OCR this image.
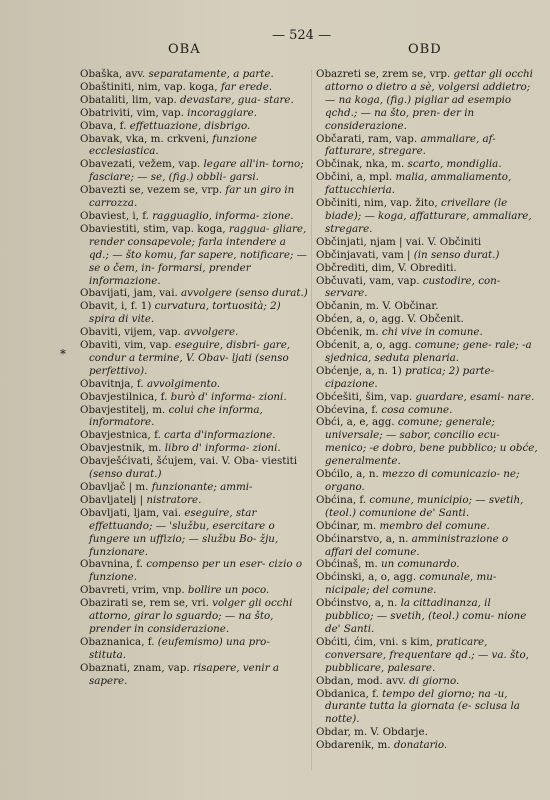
OBA
— 524 —
OBD
*

Obaška, avv. separatamente, a parte.

Obaštiniti, nim, vap. koga, far erede.

Obataliti, lim, vap. devastare, gua- stare.

Obatriviti, vim, vap. incoraggiare.

Obava, f. effettuazione, disbrigo.

Obavak, vka, m. crkveni, funzione ecclesiastica.

Obavezati, vežem, vap. legare all'in- torno; fasciare; — se, (fig.) obbli- garsi.

Obavezti se, vezem se, vrp. far un giro in carrozza.

Obaviest, i, f. ragguaglio, informa- zione.

Obaviestiti, stim, vap. koga, raggua- gliare, render consapevole; farla intendere a qd.; — što komu, far sapere, notificare; — se o čem, in- formarsi, prender informazione.

Obavijati, jam, vai. avvolgere (senso durat.)

Obavit, i, f. 1) curvatura, tortuosità; 2) spira di vite.

Obaviti, vijem, vap. avvolgere.

Obaviti, vim, vap. eseguire, disbri- gare, condur a termine, V. Obav- ljati (senso perfettivo).

Obavitnja, f. avvolgimento.

Obavjestilnica, f. burò d' informa- zioni.

Obavjestitelj, m. colui che informa, informatore.

Obavjestnica, f. carta d'informazione.

Obavjestnik, m. libro d' informa- zioni.

Obavješćivati, šćujem, vai. V. Oba- viestiti (senso durat.)

Obavljač | m. funzionante; ammi-

Obavljatelj | nistratore.

Obavljati, ljam, vai. eseguire, star effettuando; — 'službu, esercitare o fungere un uffizio; — službu Bo- žju, funzionare.

Obavnina, f. compenso per un eser- cizio o funzione.

Obavreti, vrim, vnp. bollire un poco.

Obazirati se, rem se, vri. volger gli occhi attorno, girar lo sguardo; — na što, prender in considerazione.

Obaznanica, f. (eufemismo) una pro- stituta.

Obaznati, znam, vap. risapere, venir a sapere.

Obazreti se, zrem se, vrp. gettar gli occhi attorno o dietro a sè, volgersi addietro; — na koga, (fig.) pigliar ad esempio qchd.; — na što, pren- der in considerazione.

Občarati, ram, vap. ammaliare, af- fatturare, stregare.

Občinak, nka, m. scarto, mondiglia.

Občini, a, mpl. malia, ammaliamento, fattucchieria.

Občiniti, nim, vap. žito, crivellare (le biade); — koga, affatturare, ammaliare, stregare.

Občinjati, njam | vai. V. Občiniti

Občinjavati, vam | (in senso durat.)

Občrediti, dim, V. Obrediti.

Občuvati, vam, vap. custodire, con- servare.

Občanin, m. V. Občinar.

Obćen, a, o, agg. V. Občenit.

Obćenik, m. chi vive in comune.

Obćenit, a, o, agg. comune; gene- rale; -a sjednica, seduta plenaria.

Obćenje, a, n. 1) pratica; 2) parte- cipazione.

Obćešiti, šim, vap. guardare, esami- nare.

Obćevina, f. cosa comune.

Obći, a, e, agg. comune; generale; universale; — sabor, concilio ecu- menico; -e dobro, bene pubblico; u obće, generalmente.

Obćilo, a, n. mezzo di comunicazio- ne; organo.

Obćina, f. comune, municipio; — svetih, (teol.) comunione de' Santi.

Obćinar, m. membro del comune.

Obćinarstvo, a, n. amministrazione o affari del comune.

Obćinaš, m. un comunardo.

Obćinski, a, o, agg. comunale, mu- nicipale; del comune.

Obćinstvo, a, n. la cittadinanza, il pubblico; — svetih, (teol.) comu- nione de' Santi.

Obćiti, ćim, vni. s kim, praticare, conversare, frequentare qd.; — va. što, pubblicare, palesare.

Obdan, mod. avv. di giorno.

Obdanica, f. tempo del giorno; na -u, durante tutta la giornata (e- sclusa la notte).

Obdar, m. V. Obdarje.

Obdarenik, m. donatario.
